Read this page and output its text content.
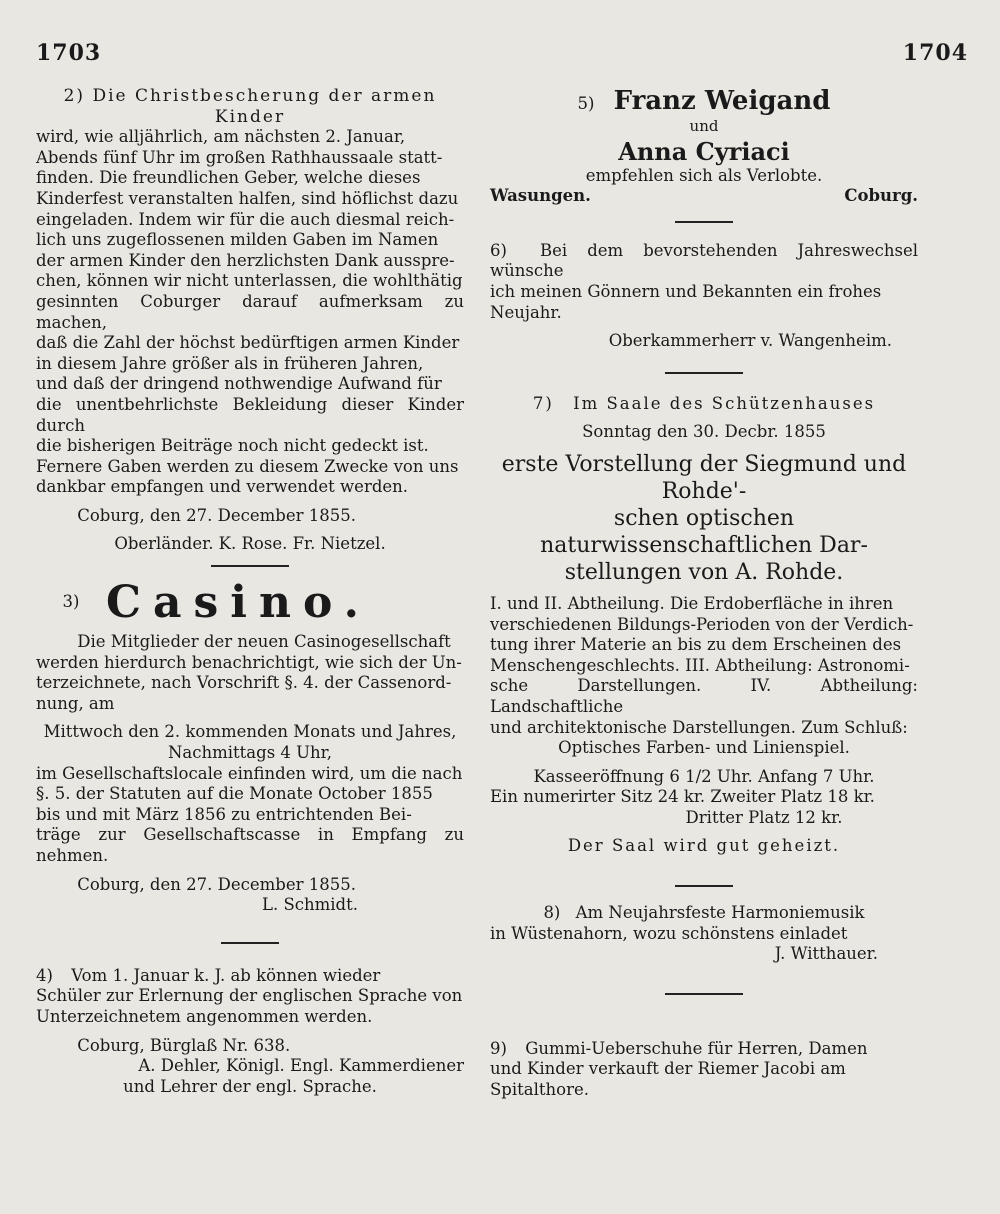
1703	1704

2) Die Christbescherung der armen Kinder

wird, wie alljährlich, am nächsten 2. Januar,

Abends fünf Uhr im großen Rathhaussaale statt-

finden. Die freundlichen Geber, welche dieses

Kinderfest veranstalten halfen, sind höflichst dazu

eingeladen. Indem wir für die auch diesmal reich-

lich uns zugeflossenen milden Gaben im Namen

der armen Kinder den herzlichsten Dank ausspre-

chen, können wir nicht unterlassen, die wohlthätig

gesinnten Coburger darauf aufmerksam zu machen,

daß die Zahl der höchst bedürftigen armen Kinder

in diesem Jahre größer als in früheren Jahren,

und daß der dringend nothwendige Aufwand für

die unentbehrlichste Bekleidung dieser Kinder durch

die bisherigen Beiträge noch nicht gedeckt ist.

Fernere Gaben werden zu diesem Zwecke von uns

dankbar empfangen und verwendet werden.

Coburg, den 27. December 1855.

Oberländer. K. Rose. Fr. Nietzel.

3) Casino.

Die Mitglieder der neuen Casinogesellschaft

werden hierdurch benachrichtigt, wie sich der Un-

terzeichnete, nach Vorschrift §. 4. der Cassenord-

nung, am

Mittwoch den 2. kommenden Monats und Jahres,

Nachmittags 4 Uhr,

im Gesellschaftslocale einfinden wird, um die nach

§. 5. der Statuten auf die Monate October 1855

bis und mit März 1856 zu entrichtenden Bei-

träge zur Gesellschaftscasse in Empfang zu nehmen.

Coburg, den 27. December 1855.

L. Schmidt.

4) Vom 1. Januar k. J. ab können wieder

Schüler zur Erlernung der englischen Sprache von

Unterzeichnetem angenommen werden.

Coburg, Bürglaß Nr. 638.

A. Dehler, Königl. Engl. Kammerdiener

und Lehrer der engl. Sprache.

5) Franz Weigand

und

Anna Cyriaci

empfehlen sich als Verlobte.

Wasungen.	Coburg.

6) Bei dem bevorstehenden Jahreswechsel wünsche

ich meinen Gönnern und Bekannten ein frohes

Neujahr.

Oberkammerherr v. Wangenheim.

7) Im Saale des Schützenhauses

Sonntag den 30. Decbr. 1855

erste Vorstellung der Siegmund und Rohde'-

schen optischen naturwissenschaftlichen Dar-

stellungen von A. Rohde.

I. und II. Abtheilung. Die Erdoberfläche in ihren

verschiedenen Bildungs-Perioden von der Verdich-

tung ihrer Materie an bis zu dem Erscheinen des

Menschengeschlechts. III. Abtheilung: Astronomi-

sche Darstellungen. IV. Abtheilung: Landschaftliche

und architektonische Darstellungen. Zum Schluß:

Optisches Farben- und Linienspiel.

Kasseeröffnung 6 1/2 Uhr. Anfang 7 Uhr.

Ein numerirter Sitz 24 kr. Zweiter Platz 18 kr.

Dritter Platz 12 kr.

Der Saal wird gut geheizt.

8) Am Neujahrsfeste Harmoniemusik

in Wüstenahorn, wozu schönstens einladet

J. Witthauer.

9) Gummi-Ueberschuhe für Herren, Damen

und Kinder verkauft der Riemer Jacobi am

Spitalthore.
